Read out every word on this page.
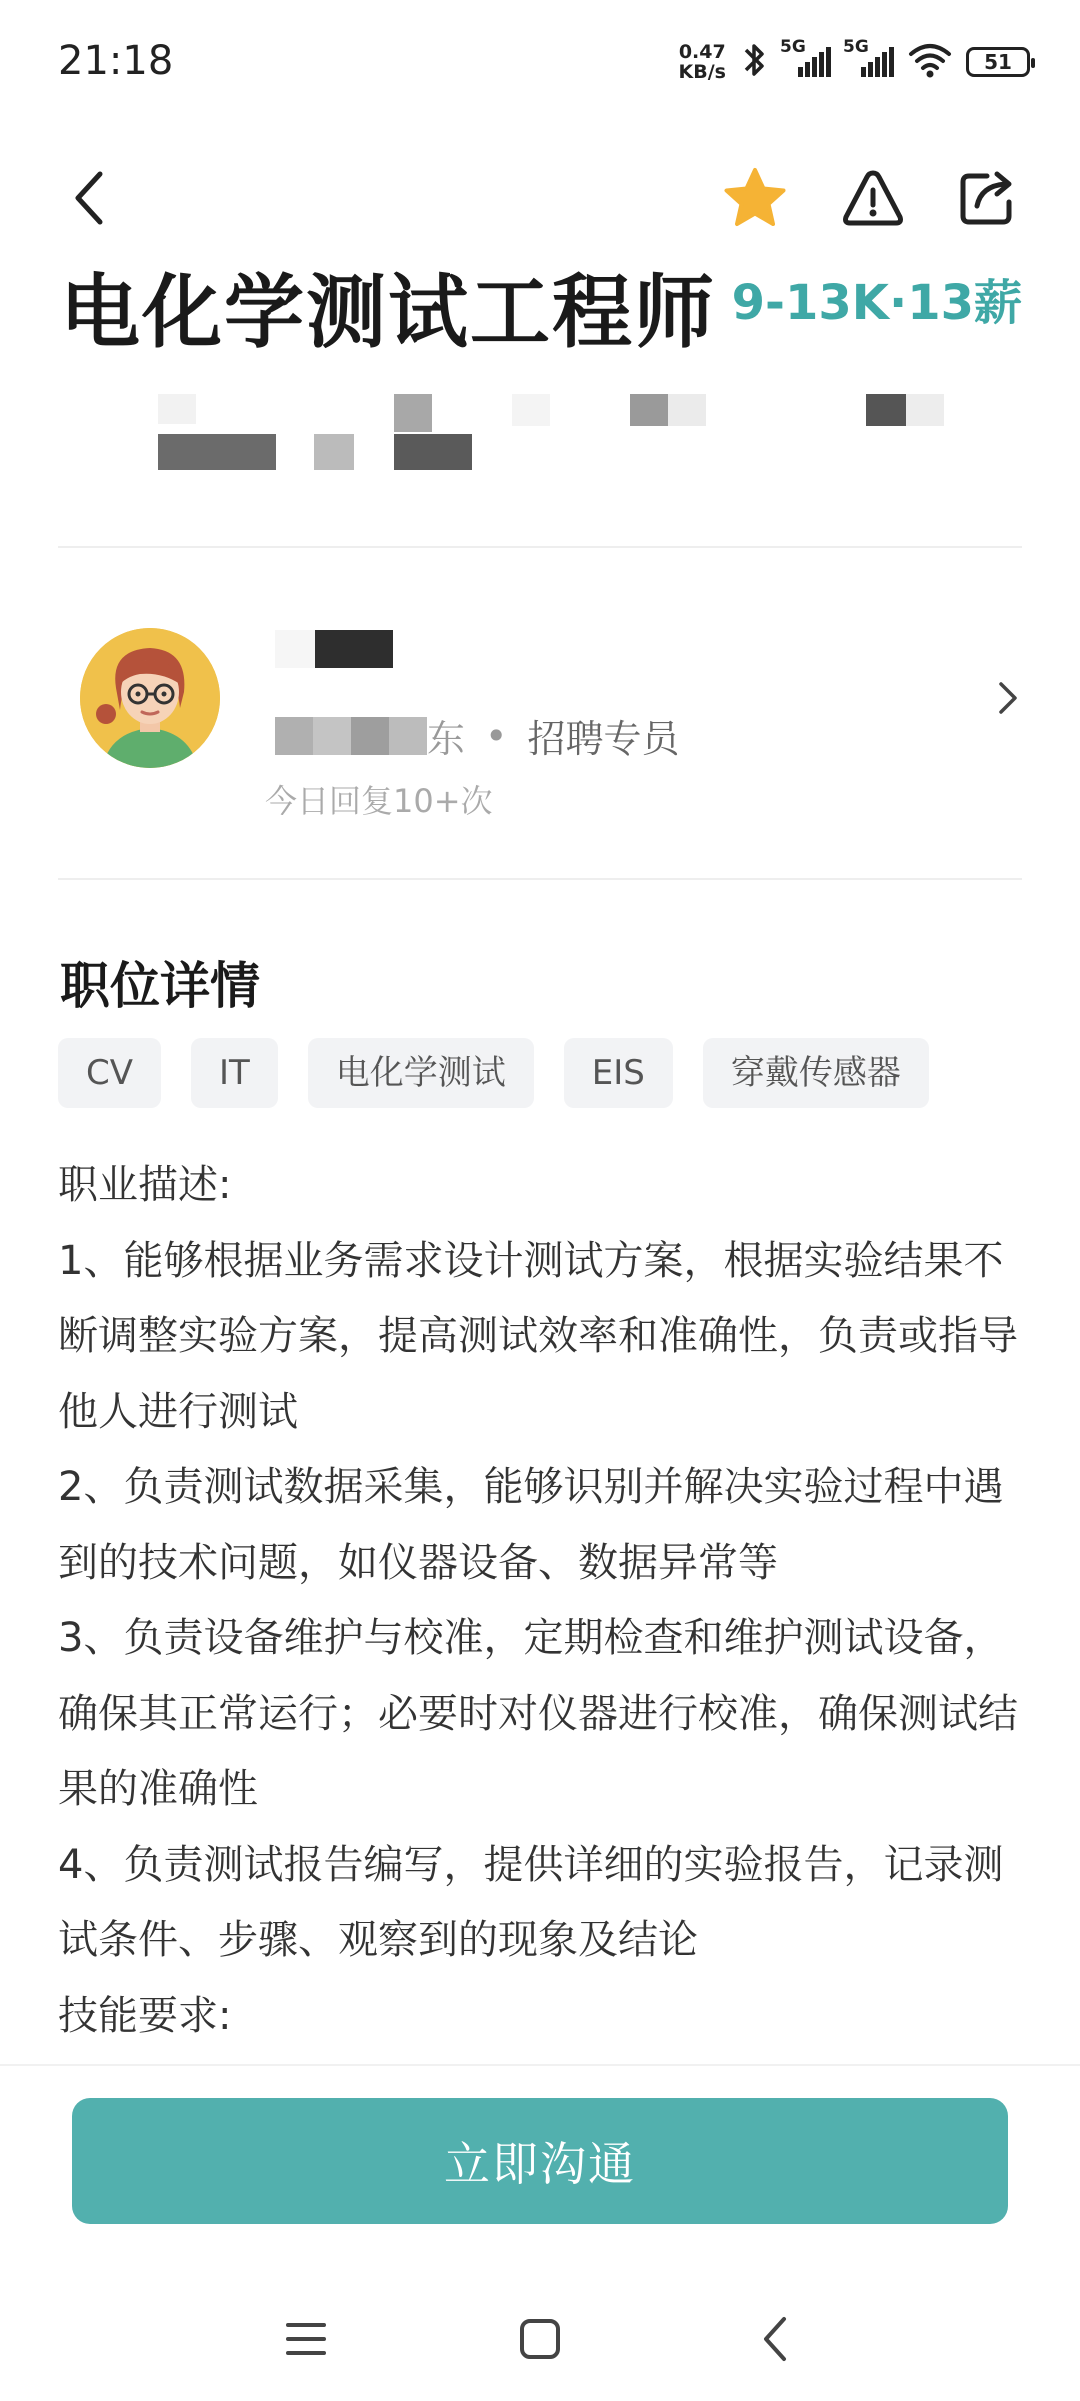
21:18	0.47
KB/s
5G 5G
51
电化学测试工程师 9-13K·13薪
东 • 招聘专员
今日回复10+次
职位详情
CV	IT	电化学测试	EIS	穿戴传感器

职业描述:

1、能够根据业务需求设计测试方案，根据实验结果不断调整实验方案，提高测试效率和准确性，负责或指导他人进行测试

2、负责测试数据采集，能够识别并解决实验过程中遇到的技术问题，如仪器设备、数据异常等

3、负责设备维护与校准，定期检查和维护测试设备，确保其正常运行；必要时对仪器进行校准，确保测试结果的准确性

4、负责测试报告编写，提供详细的实验报告，记录测试条件、步骤、观察到的现象及结论

技能要求:

立即沟通
